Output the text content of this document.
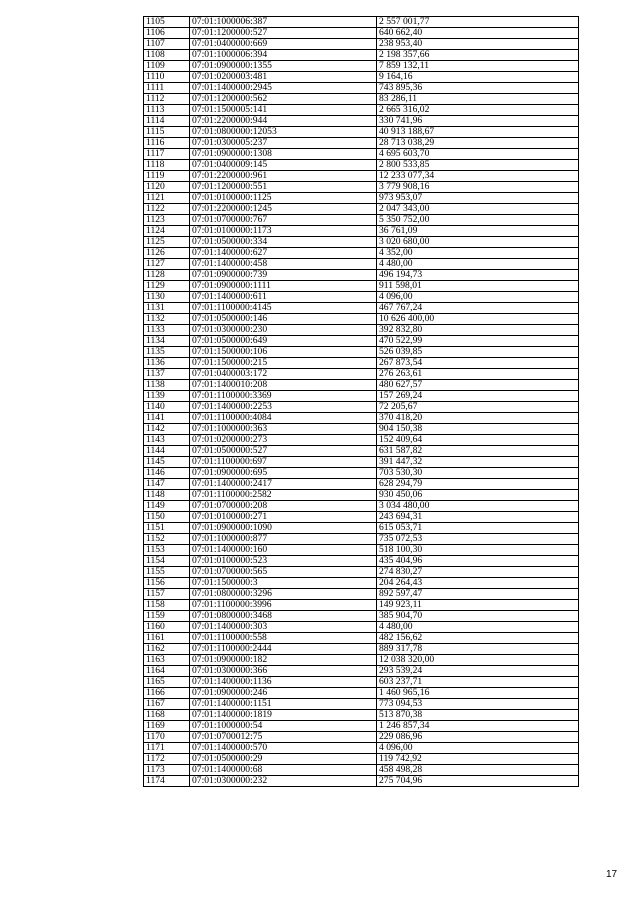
1105	07:01:1000006:387	2 557 001,77
1106	07:01:1200000:527	640 662,40
1107	07:01:0400000:669	238 953,40
1108	07:01:1000006:394	2 198 357,66
1109	07:01:0900000:1355	7 859 132,11
1110	07:01:0200003:481	9 164,16
1111	07:01:1400000:2945	743 895,36
1112	07:01:1200000:562	83 286,11
1113	07:01:1500005:141	2 665 316,02
1114	07:01:2200000:944	330 741,96
1115	07:01:0800000:12053	40 913 188,67
1116	07:01:0300005:237	28 713 038,29
1117	07:01:0900000:1308	4 695 603,70
1118	07:01:0400009:145	2 800 533,85
1119	07:01:2200000:961	12 233 077,34
1120	07:01:1200000:551	3 779 908,16
1121	07:01:0100000:1125	973 953,07
1122	07:01:2200000:1245	2 047 343,00
1123	07:01:0700000:767	5 350 752,00
1124	07:01:0100000:1173	36 761,09
1125	07:01:0500000:334	3 020 680,00
1126	07:01:1400000:627	4 352,00
1127	07:01:1400000:458	4 480,00
1128	07:01:0900000:739	496 194,73
1129	07:01:0900000:1111	911 598,01
1130	07:01:1400000:611	4 096,00
1131	07:01:1100000:4145	467 767,24
1132	07:01:0500000:146	10 626 400,00
1133	07:01:0300000:230	392 832,80
1134	07:01:0500000:649	470 522,99
1135	07:01:1500000:106	526 039,85
1136	07:01:1500000:215	267 873,54
1137	07:01:0400003:172	276 263,61
1138	07:01:1400010:208	480 627,57
1139	07:01:1100000:3369	157 269,24
1140	07:01:1400000:2253	72 205,67
1141	07:01:1100000:4084	370 418,20
1142	07:01:1000000:363	904 150,38
1143	07:01:0200000:273	152 409,64
1144	07:01:0500000:527	631 587,82
1145	07:01:1100000:697	391 447,32
1146	07:01:0900000:695	703 530,30
1147	07:01:1400000:2417	628 294,79
1148	07:01:1100000:2582	930 450,06
1149	07:01:0700000:208	3 034 480,00
1150	07:01:0100000:271	243 694,31
1151	07:01:0900000:1090	615 053,71
1152	07:01:1000000:877	735 072,53
1153	07:01:1400000:160	518 100,30
1154	07:01:0100000:523	435 404,96
1155	07:01:0700000:565	274 830,27
1156	07:01:1500000:3	204 264,43
1157	07:01:0800000:3296	892 597,47
1158	07:01:1100000:3996	149 923,11
1159	07:01:0800000:3468	385 904,70
1160	07:01:1400000:303	4 480,00
1161	07:01:1100000:558	482 156,62
1162	07:01:1100000:2444	889 317,78
1163	07:01:0900000:182	12 038 320,00
1164	07:01:0300000:366	293 539,24
1165	07:01:1400000:1136	603 237,71
1166	07:01:0900000:246	1 460 965,16
1167	07:01:1400000:1151	773 094,53
1168	07:01:1400000:1819	513 870,38
1169	07:01:1000000:54	1 246 857,34
1170	07:01:0700012:75	229 086,96
1171	07:01:1400000:570	4 096,00
1172	07:01:0500000:29	119 742,92
1173	07:01:1400000:68	458 498,28
1174	07:01:0300000:232	275 704,96
17
